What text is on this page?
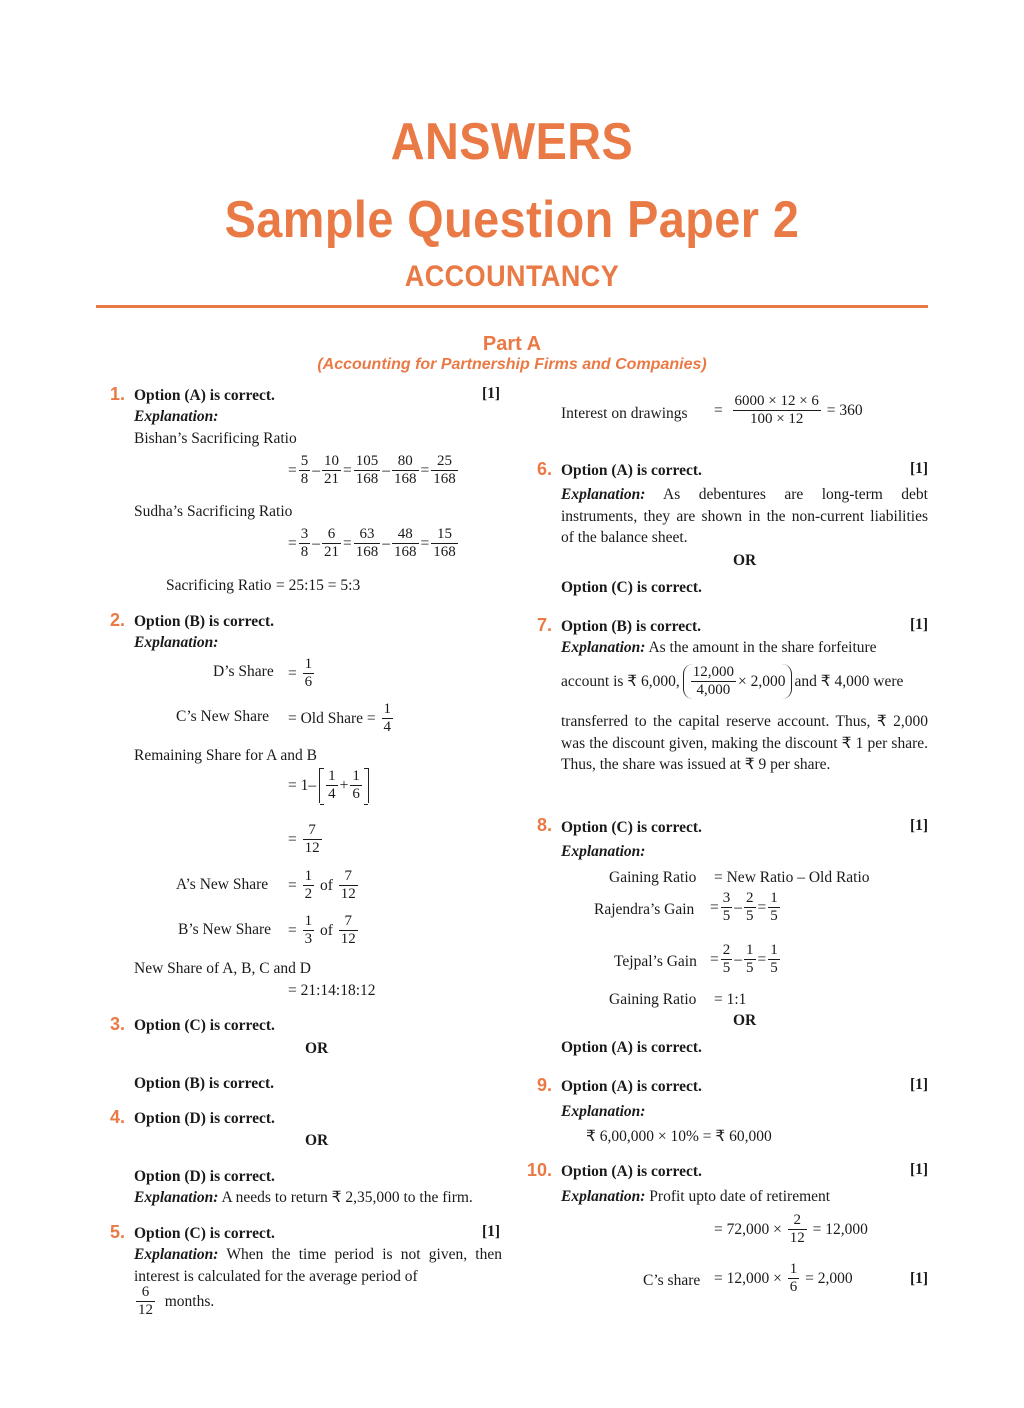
ANSWERS
Sample Question Paper 2
ACCOUNTANCY
Part A
(Accounting for Partnership Firms and Companies)
1. Option (A) is correct.	[1]
Explanation:
Bishan’s Sacrificing Ratio
= $\frac{5}{8} - \frac{10}{21} = \frac{105}{168} - \frac{80}{168} = \frac{25}{168}$
Sudha’s Sacrificing Ratio
= $\frac{3}{8} - \frac{6}{21} = \frac{63}{168} - \frac{48}{168} = \frac{15}{168}$
Sacrificing Ratio = 25:15 = 5:3
2. Option (B) is correct.
Explanation:
D’s Share = $\frac{1}{6}$
C’s New Share = Old Share =
$\frac{1}{4}$
Remaining Share for A and B
= $1- \frac{1}{4} + \frac{1}{6}$
= $\frac{7}{12}$
A’s New Share = $\frac{1}{2}$
of
$\frac{7}{12}$
B’s New Share = $\frac{1}{3}$
of
$\frac{7}{12}$
New Share of A, B, C and D
= 21:14:18:12
3. Option (C) is correct.
OR
Option (B) is correct.
4. Option (D) is correct.
OR
Option (D) is correct.
Explanation: A needs to return ₹ 2,35,000 to the firm.
5. Option (C) is correct.	[1]
Explanation: When the time period is not given, then interest is calculated for the average period of
$\frac{6}{12}$
months.
Interest on drawings = $\frac{6000 \times 12 \times 6}{100 \times 12}$
= 360
6. Option (A) is correct.	[1]
Explanation: As debentures are long-term debt instruments, they are shown in the non-current liabilities of the balance sheet.
OR
Option (C) is correct.
7. Option (B) is correct.	[1]
Explanation: As the amount in the share forfeiture
account is ₹ 6,000, $\frac{12,000}{4,000} \times 2,000$ and ₹ 4,000 were
transferred to the capital reserve account. Thus, ₹ 2,000 was the discount given, making the discount ₹ 1 per share. Thus, the share was issued at ₹ 9 per share.
8. Option (C) is correct.	[1]
Explanation:
Gaining Ratio = New Ratio – Old Ratio
Rajendra’s Gain = $\frac{3}{5} - \frac{2}{5} = \frac{1}{5}$
Tejpal’s Gain = $\frac{2}{5} - \frac{1}{5} = \frac{1}{5}$
Gaining Ratio = 1:1
OR
Option (A) is correct.
9. Option (A) is correct.	[1]
Explanation:
₹ 6,00,000 × 10% = ₹ 60,000
10. Option (A) is correct.	[1]
Explanation: Profit upto date of retirement
= 72,000 ×
$\frac{2}{12}$
= 12,000
C’s share = 12,000 ×
$\frac{1}{6}$
= 2,000	[1]
